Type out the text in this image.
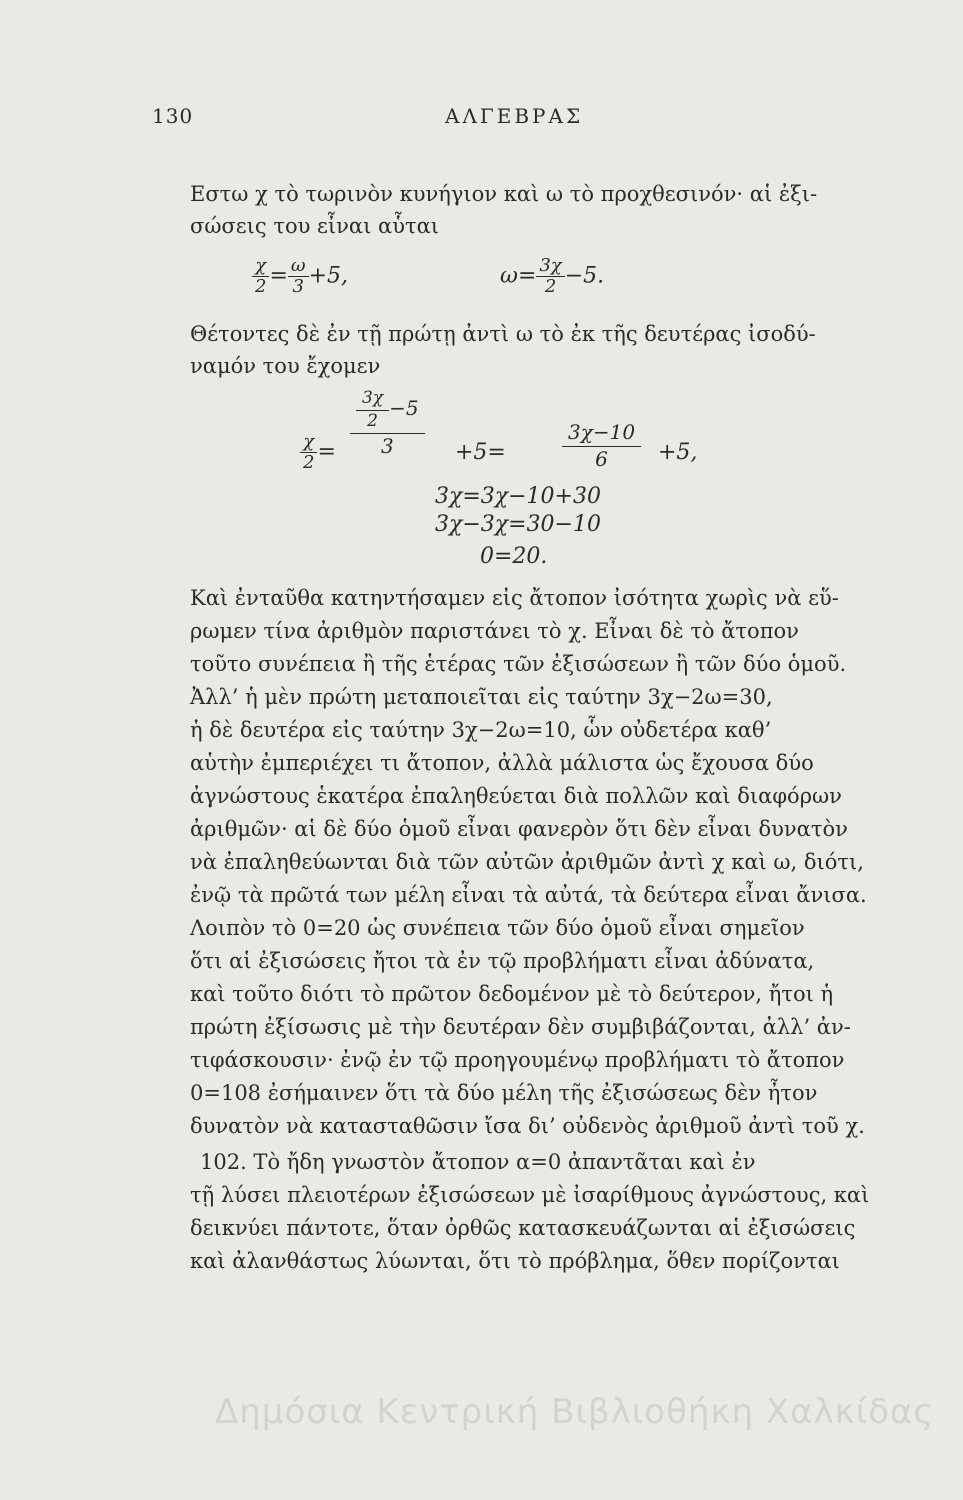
130	ΑΛΓΕΒΡΑΣ
Εστω χ τὸ τωρινὸν κυνήγιον καὶ ω τὸ προχθεσινόν· αἱ ἐξι-
σώσεις του εἶναι αὗται
$\frac{\chi}{2} = \frac{\omega}{3} +5$,	$\omega= \frac{3\chi}{2} -5$.
Θέτοντες δὲ ἐν τῇ πρώτῃ ἀντὶ ω τὸ ἐκ τῆς δευτέρας ἰσοδύ-
ναμόν του ἔχομεν
$\frac{\chi}{2} = \frac{\frac{3\chi}{2} -5}{3} +5=$	$\frac{3\chi-10}{6} +5$,
3χ=3χ−10+30
3χ−3χ=30−10
0=20.
Καὶ ἐνταῦθα κατηντήσαμεν εἰς ἄτοπον ἰσότητα χωρὶς νὰ εὕ-
ρωμεν τίνα ἀριθμὸν παριστάνει τὸ χ. Εἶναι δὲ τὸ ἄτοπον
τοῦτο συνέπεια ἢ τῆς ἑτέρας τῶν ἐξισώσεων ἢ τῶν δύο ὁμοῦ.
Ἀλλ’ ἡ μὲν πρώτη μεταποιεῖται εἰς ταύτην 3χ−2ω=30,
ἡ δὲ δευτέρα εἰς ταύτην 3χ−2ω=10, ὧν οὐδετέρα καθ’
αὑτὴν ἐμπεριέχει τι ἄτοπον, ἀλλὰ μάλιστα ὡς ἔχουσα δύο
ἀγνώστους ἑκατέρα ἐπαληθεύεται διὰ πολλῶν καὶ διαφόρων
ἀριθμῶν· αἱ δὲ δύο ὁμοῦ εἶναι φανερὸν ὅτι δὲν εἶναι δυνατὸν
νὰ ἐπαληθεύωνται διὰ τῶν αὐτῶν ἀριθμῶν ἀντὶ χ καὶ ω, διότι,
ἐνῷ τὰ πρῶτά των μέλη εἶναι τὰ αὐτά, τὰ δεύτερα εἶναι ἄνισα.
Λοιπὸν τὸ 0=20 ὡς συνέπεια τῶν δύο ὁμοῦ εἶναι σημεῖον
ὅτι αἱ ἐξισώσεις ἤτοι τὰ ἐν τῷ προβλήματι εἶναι ἀδύνατα,
καὶ τοῦτο διότι τὸ πρῶτον δεδομένον μὲ τὸ δεύτερον, ἤτοι ἡ
πρώτη ἐξίσωσις μὲ τὴν δευτέραν δὲν συμβιβάζονται, ἀλλ’ ἀν-
τιφάσκουσιν· ἐνῷ ἐν τῷ προηγουμένῳ προβλήματι τὸ ἄτοπον
0=108 ἐσήμαινεν ὅτι τὰ δύο μέλη τῆς ἐξισώσεως δὲν ἦτον
δυνατὸν νὰ κατασταθῶσιν ἴσα δι’ οὐδενὸς ἀριθμοῦ ἀντὶ τοῦ χ.
102. Τὸ ἤδη γνωστὸν ἄτοπον α=0 ἀπαντᾶται καὶ ἐν
τῇ λύσει πλειοτέρων ἐξισώσεων μὲ ἰσαρίθμους ἀγνώστους, καὶ
δεικνύει πάντοτε, ὅταν ὀρθῶς κατασκευάζωνται αἱ ἐξισώσεις
καὶ ἀλανθάστως λύωνται, ὅτι τὸ πρόβλημα, ὅθεν πορίζονται
Δημόσια Κεντρική Βιβλιοθήκη Χαλκίδας
